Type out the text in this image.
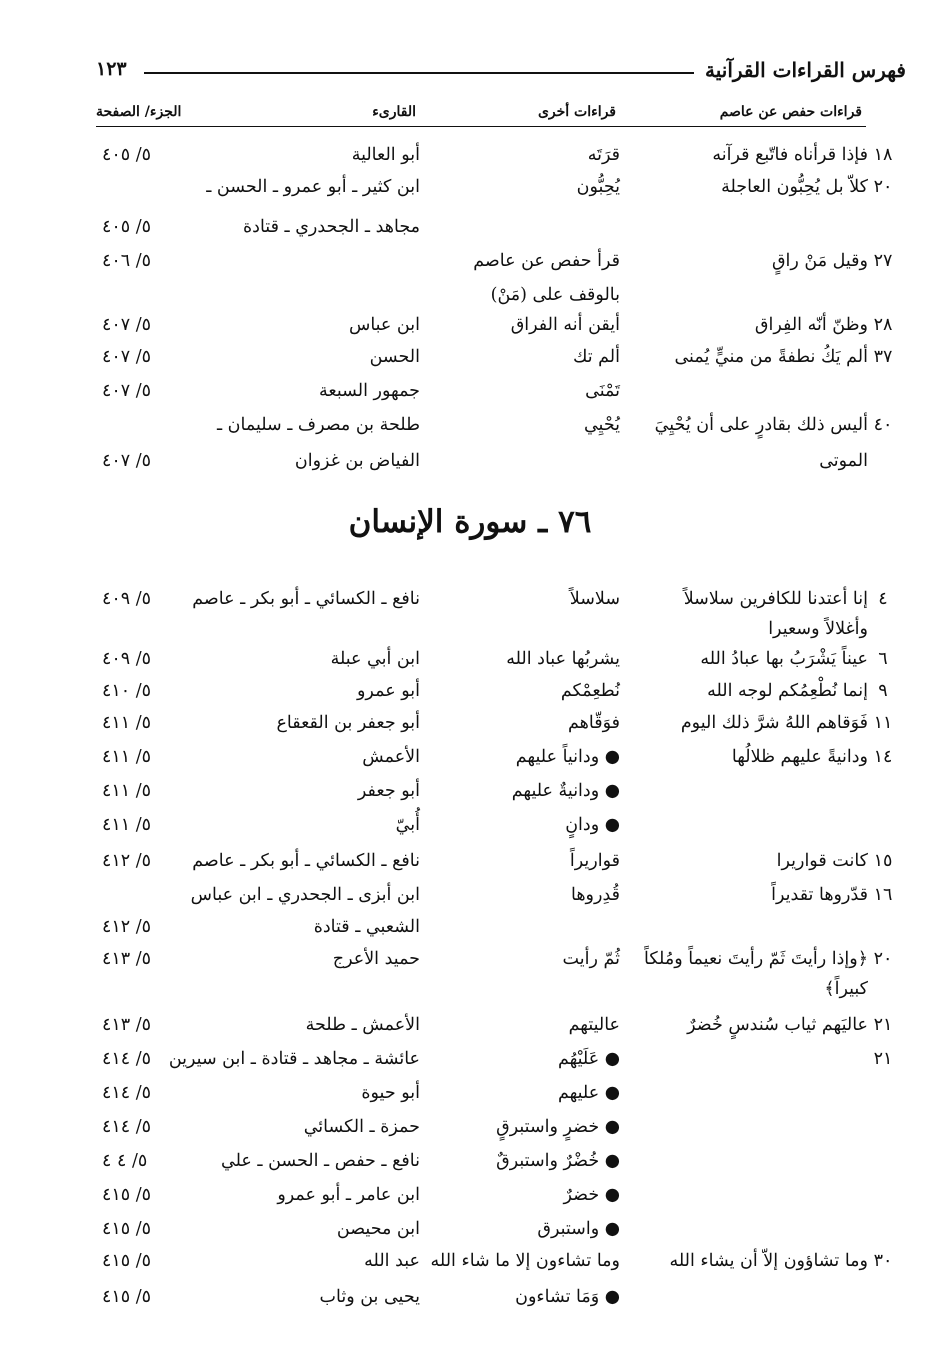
فهرس القراءات القرآنية
١٢٣
قراءات حفص عن عاصم
قراءات أخرى
القارىء
الجزء/ الصفحة
٧٦ ـ سورة الإنسان
١٨
فإذا قرأناه فاتّبع قرآنه
قرَتَه
أبو العالية
٥/ ٤٠٥
٢٠
كلاّ بل يُحِبُّون العاجلة
يُحِبُّون
ابن كثير ـ أبو عمرو ـ الحسن ـ
مجاهد ـ الجحدري ـ قتادة
٥/ ٤٠٥
٢٧
وقيل مَنْ راقٍ
قرأ حفص عن عاصم
٥/ ٤٠٦
بالوقف على (مَنْ)
٢٨
وظنّ أنّه الفِراق
أيقن أنه الفراق
ابن عباس
٥/ ٤٠٧
٣٧
ألم يَكُ نطفةً من منيٍّ يُمنى
ألم تك
الحسن
٥/ ٤٠٧
تَمْنَى
جمهور السبعة
٥/ ٤٠٧
٤٠
أليس ذلك بقادرٍ على أن يُحْيِيَ
يُحْيِي
طلحة بن مصرف ـ سليمان ـ
الموتى
الفياض بن غزوان
٥/ ٤٠٧
٤
إنا أعتدنا للكافرين سلاسلاً
سلاسلاً
نافع ـ الكسائي ـ أبو بكر ـ عاصم
٥/ ٤٠٩
وأغلالاً وسعيرا
٦
عيناً يَشْرَبُ بها عبادُ الله
يشربُها عباد الله
ابن أبي عبلة
٥/ ٤٠٩
٩
إنما نُطْعِمُكم لوجه الله
نُطعِمْكم
أبو عمرو
٥/ ٤١٠
١١
فَوَقاهم اللهُ شرَّ ذلك اليوم
فوَقّاهم
أبو جعفر بن القعقاع
٥/ ٤١١
١٤
ودانيةً عليهم ظلالُها
● ودانياً عليهم
الأعمش
٥/ ٤١١
● ودانيةٌ عليهم
أبو جعفر
٥/ ٤١١
● ودانٍ
أُبيّ
٥/ ٤١١
١٥
كانت قواريرا
قواريراً
نافع ـ الكسائي ـ أبو بكر ـ عاصم
٥/ ٤١٢
١٦
قدّروها تقديراً
قُدِروها
ابن أبزى ـ الجحدري ـ ابن عباس
الشعبي ـ قتادة
٥/ ٤١٢
٢٠
﴿وإذا رأيتَ ثَمّ رأيتَ نعيماً ومُلكاً
ثُمّ رأيت
حميد الأعرج
٥/ ٤١٣
كبيراً﴾
٢١
عاليَهم ثياب سُندسٍ خُضرٌ
عاليتهم
الأعمش ـ طلحة
٥/ ٤١٣
٢١
● عَلَيْهُم
عائشة ـ مجاهد ـ قتادة ـ ابن سيرين
٥/ ٤١٤
● عليهم
أبو حيوة
٥/ ٤١٤
● خضرٍ واستبرقٍ
حمزة ـ الكسائي
٥/ ٤١٤
● خُضْرٌ واستبرقٌ
نافع ـ حفص ـ الحسن ـ علي
٥/ ٤ ٤
● خضرٌ
ابن عامر ـ أبو عمرو
٥/ ٤١٥
● واستبرق
ابن محيصن
٥/ ٤١٥
٣٠
وما تشاؤون إلاّ أن يشاء الله
وما تشاءون إلا ما شاء الله
عبد الله
٥/ ٤١٥
● وَمَا تشاءون
يحيى بن وثاب
٥/ ٤١٥
